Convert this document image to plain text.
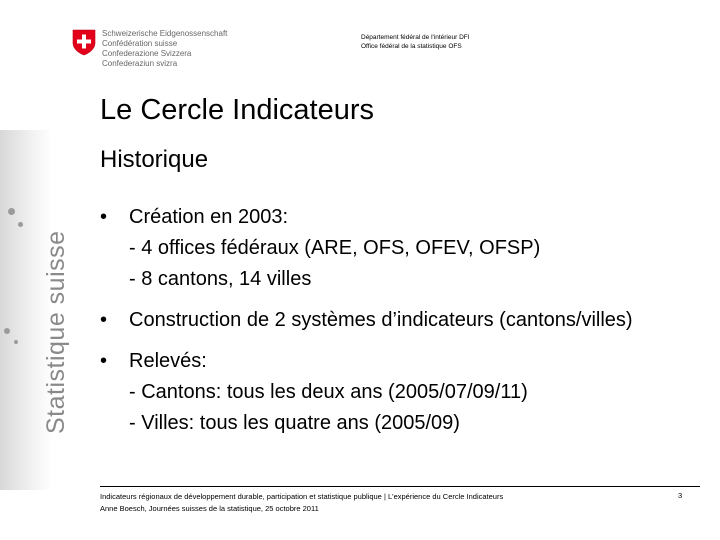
Schweizerische Eidgenossenschaft
Confédération suisse
Confederazione Svizzera
Confederaziun svizra
Département fédéral de l'intérieur DFI
Office fédéral de la statistique OFS
Statistique suisse
Le Cercle Indicateurs
Historique
•	Création en 2003:
- 4 offices fédéraux (ARE, OFS, OFEV, OFSP)
- 8 cantons, 14 villes
•	Construction de 2 systèmes d’indicateurs (cantons/villes)
•	Relevés:
- Cantons: tous les deux ans (2005/07/09/11)
- Villes: tous les quatre ans (2005/09)
Indicateurs régionaux de développement durable, participation et statistique publique | L'expérience du Cercle Indicateurs
Anne Boesch, Journées suisses de la statistique, 25 octobre 2011
3
